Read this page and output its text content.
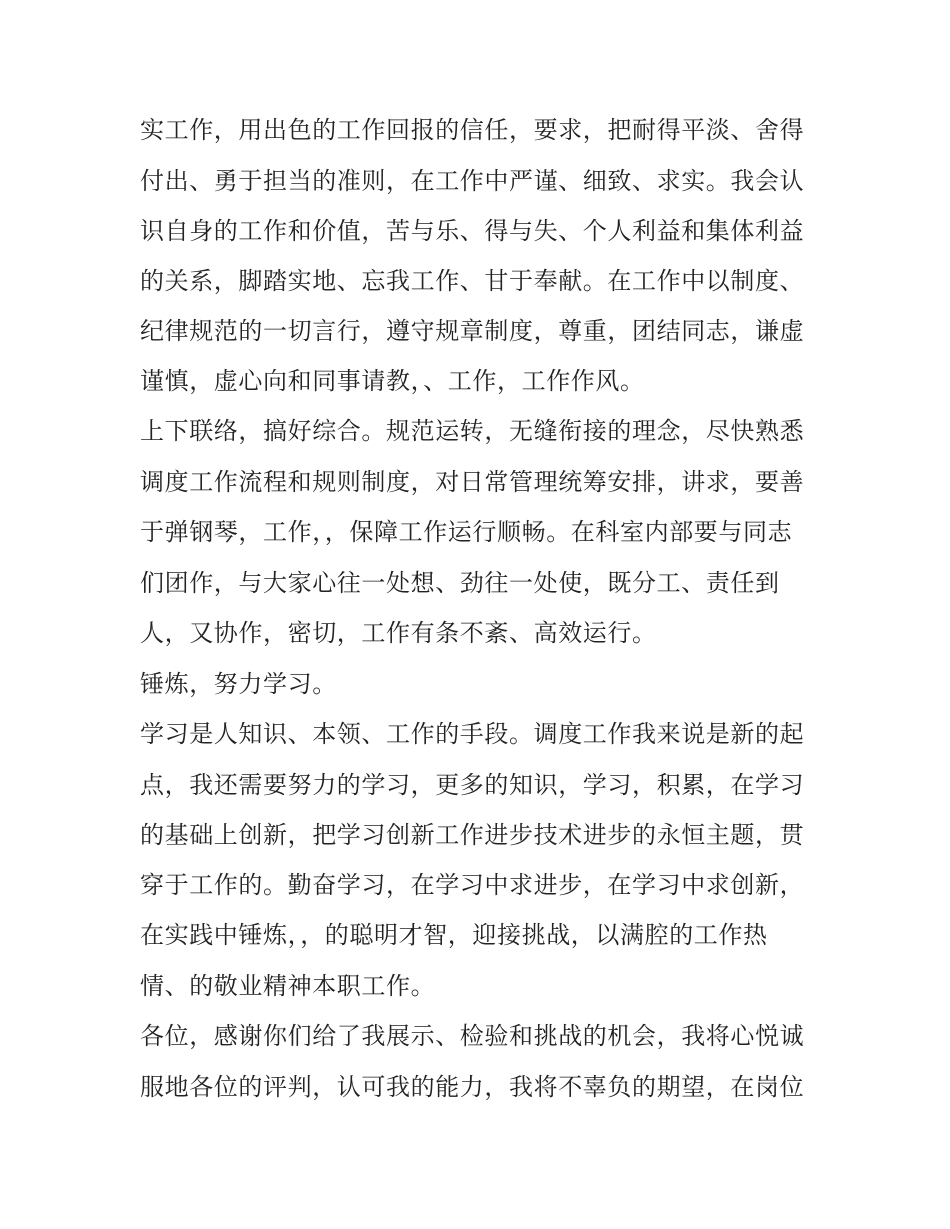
实工作，用出色的工作回报的信任，要求，把耐得平淡、舍得
付出、勇于担当的准则，在工作中严谨、细致、求实。我会认
识自身的工作和价值，苦与乐、得与失、个人利益和集体利益
的关系，脚踏实地、忘我工作、甘于奉献。在工作中以制度、
纪律规范的一切言行，遵守规章制度，尊重，团结同志，谦虚
谨慎，虚心向和同事请教，、工作，工作作风。
上下联络，搞好综合。规范运转，无缝衔接的理念，尽快熟悉
调度工作流程和规则制度，对日常管理统筹安排，讲求，要善
于弹钢琴，工作，，保障工作运行顺畅。在科室内部要与同志
们团作，与大家心往一处想、劲往一处使，既分工、责任到
人，又协作，密切，工作有条不紊、高效运行。
锤炼，努力学习。
学习是人知识、本领、工作的手段。调度工作我来说是新的起
点，我还需要努力的学习，更多的知识，学习，积累，在学习
的基础上创新，把学习创新工作进步技术进步的永恒主题，贯
穿于工作的。勤奋学习，在学习中求进步，在学习中求创新，
在实践中锤炼，，的聪明才智，迎接挑战，以满腔的工作热
情、的敬业精神本职工作。
各位，感谢你们给了我展示、检验和挑战的机会，我将心悦诚
服地各位的评判，认可我的能力，我将不辜负的期望，在岗位
